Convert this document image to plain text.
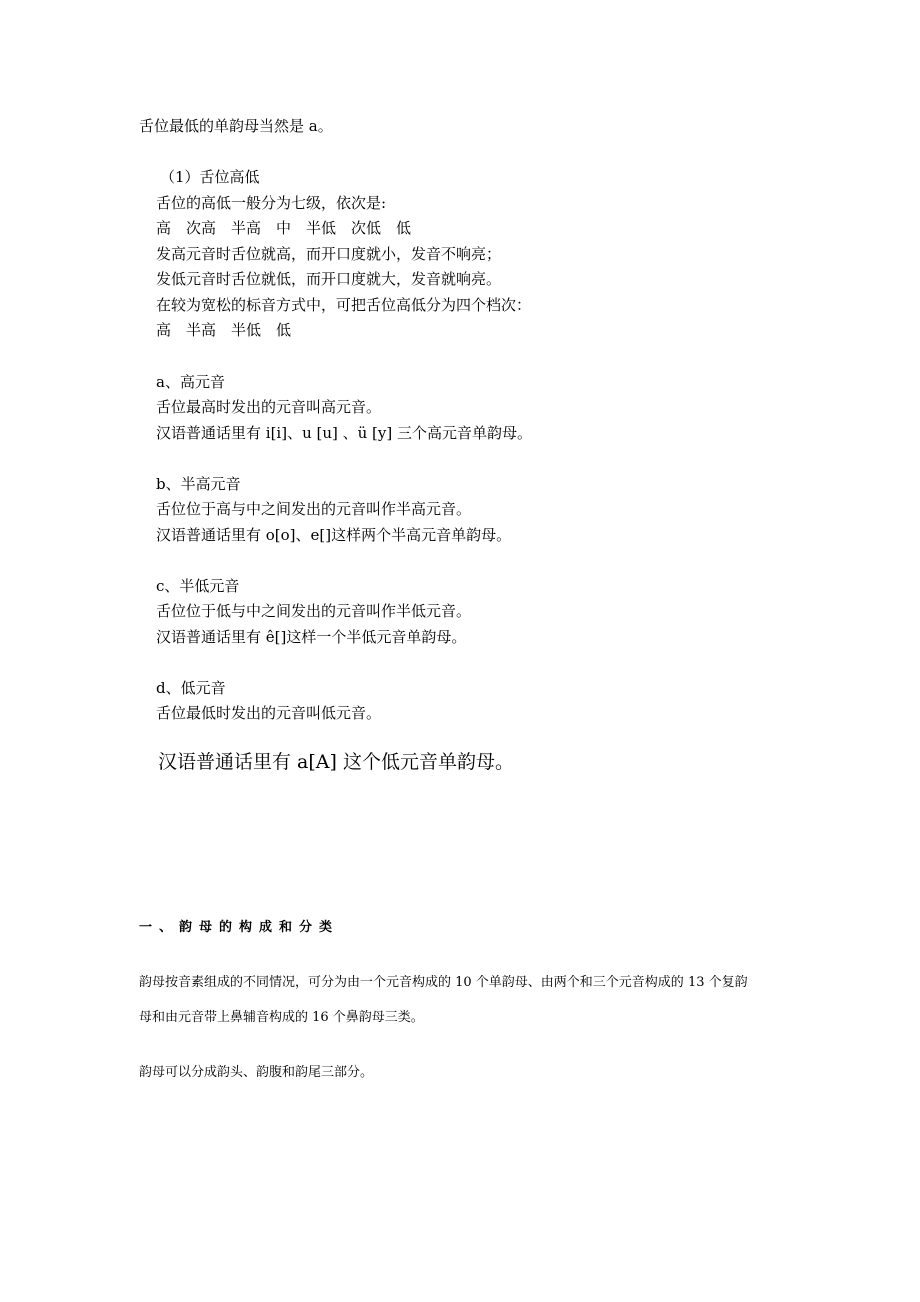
舌位最低的单韵母当然是 a。
（1）舌位高低
舌位的高低一般分为七级，依次是:
高　次高　半高　中　半低　次低　低
发高元音时舌位就高，而开口度就小，发音不响亮；
发低元音时舌位就低，而开口度就大，发音就响亮。
在较为宽松的标音方式中，可把舌位高低分为四个档次：
高　半高　半低　低
a、高元音
舌位最高时发出的元音叫高元音。
汉语普通话里有 i[i]、u [u] 、ü [y] 三个高元音单韵母。
b、半高元音
舌位位于高与中之间发出的元音叫作半高元音。
汉语普通话里有 o[o]、e[]这样两个半高元音单韵母。
c、半低元音
舌位位于低与中之间发出的元音叫作半低元音。
汉语普通话里有 ê[]这样一个半低元音单韵母。
d、低元音
舌位最低时发出的元音叫低元音。
汉语普通话里有 a[A] 这个低元音单韵母。
一、韵母的构成和分类
韵母按音素组成的不同情况，可分为由一个元音构成的 10 个单韵母、由两个和三个元音构成的 13 个复韵
母和由元音带上鼻辅音构成的 16 个鼻韵母三类。
韵母可以分成韵头、韵腹和韵尾三部分。
